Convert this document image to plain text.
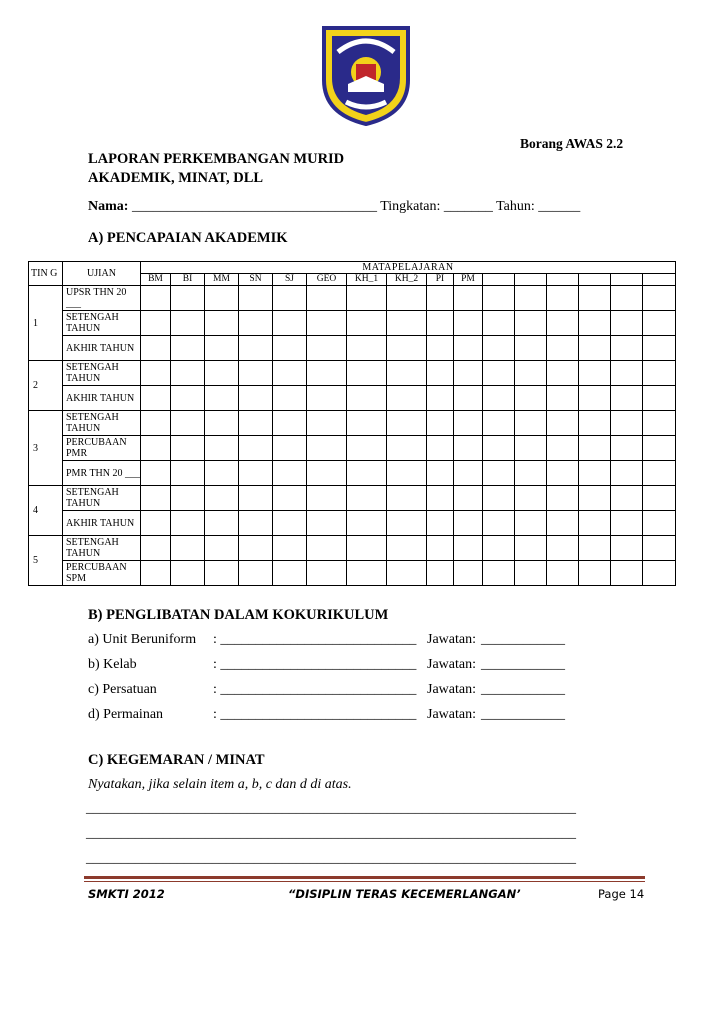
Borang AWAS 2.2
LAPORAN PERKEMBANGAN MURID
AKADEMIK, MINAT, DLL
Nama: ___________________________________ Tingkatan: _______ Tahun: ______
A) PENCAPAIAN AKADEMIK
TIN G	UJIAN	MATAPELAJARAN															
		BM	BI	MM	SN	SJ	GEO	KH_1	KH_2	PI	PM						
1	UPSR THN 20 ___																
	SETENGAH TAHUN																
	AKHIR TAHUN																
2	SETENGAH TAHUN																
	AKHIR TAHUN																
3	SETENGAH TAHUN																
	PERCUBAAN PMR																
	PMR THN 20 ___																
4	SETENGAH TAHUN																
	AKHIR TAHUN																
5	SETENGAH TAHUN																
	PERCUBAAN SPM																
B) PENGLIBATAN DALAM KOKURIKULUM
a) Unit Beruniform : ____________________________ Jawatan: ____________
b) Kelab	: ____________________________ Jawatan: ____________
c) Persatuan	: ____________________________ Jawatan: ____________
d) Permainan	: ____________________________ Jawatan: ____________
C) KEGEMARAN / MINAT
Nyatakan, jika selain item a, b, c dan d di atas.
______________________________________________________________________
______________________________________________________________________
______________________________________________________________________
SMKTI 2012	“DISIPLIN TERAS KECEMERLANGAN’	Page 14
